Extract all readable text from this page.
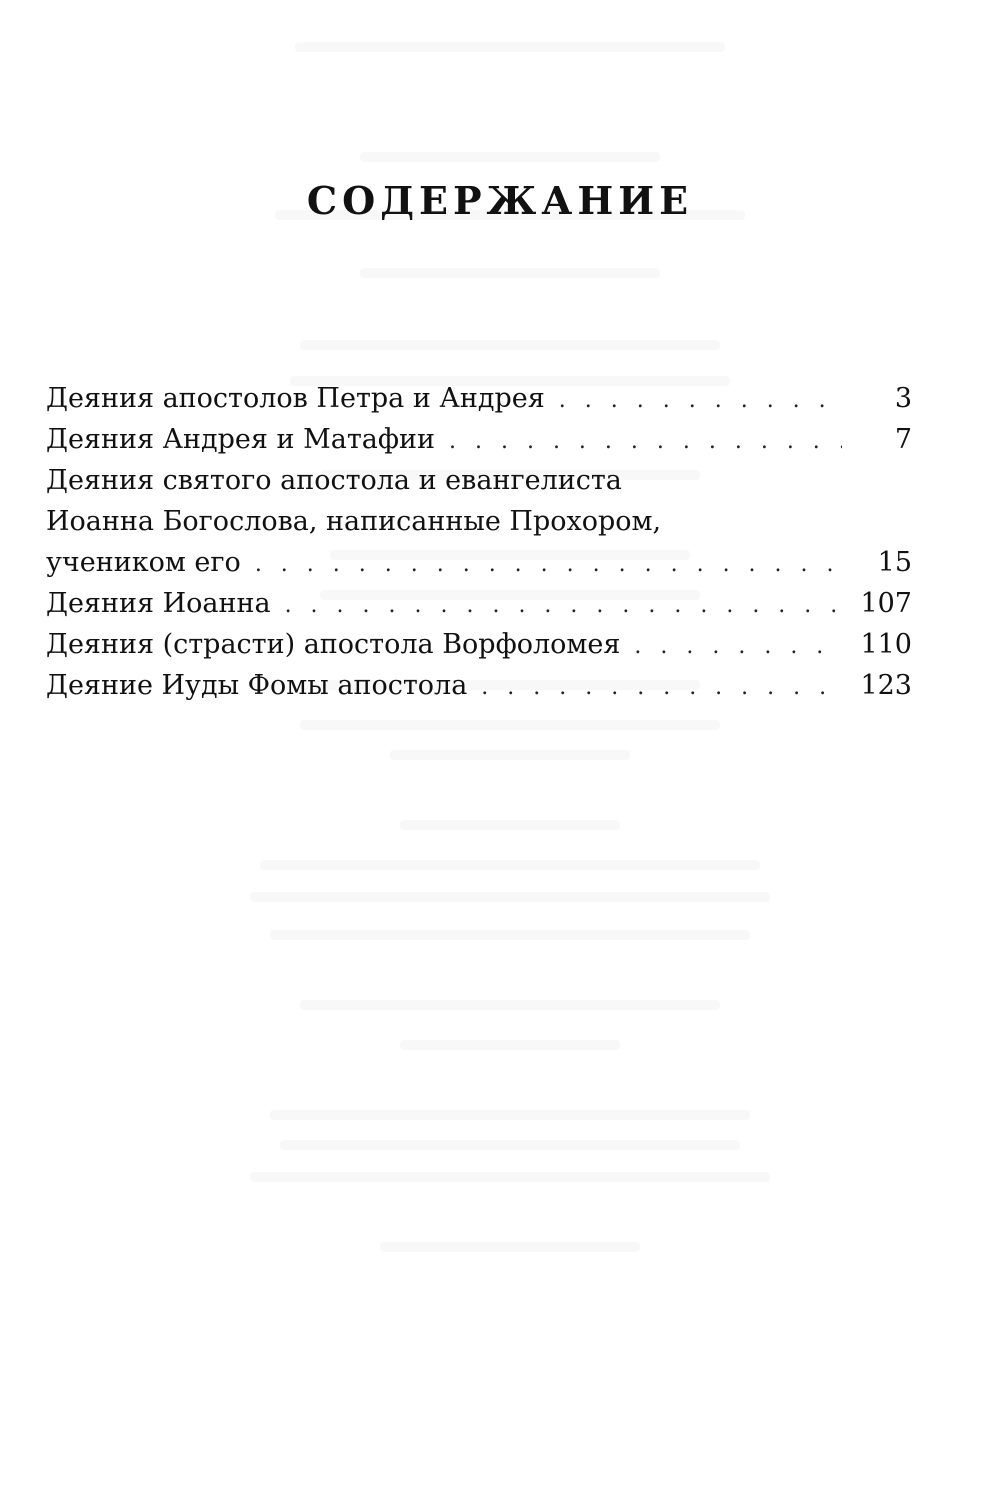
СОДЕРЖАНИЕ
Деяния апостолов Петра и Андрея . . .	3
Деяния Андрея и Матафии . . .	7
Деяния святого апостола и евангелиста
Иоанна Богослова, написанные Прохором,
учеником его . . .	15
Деяния Иоанна . . .	107
Деяния (страсти) апостола Ворфоломея . . .	110
Деяние Иуды Фомы апостола . . .	123
